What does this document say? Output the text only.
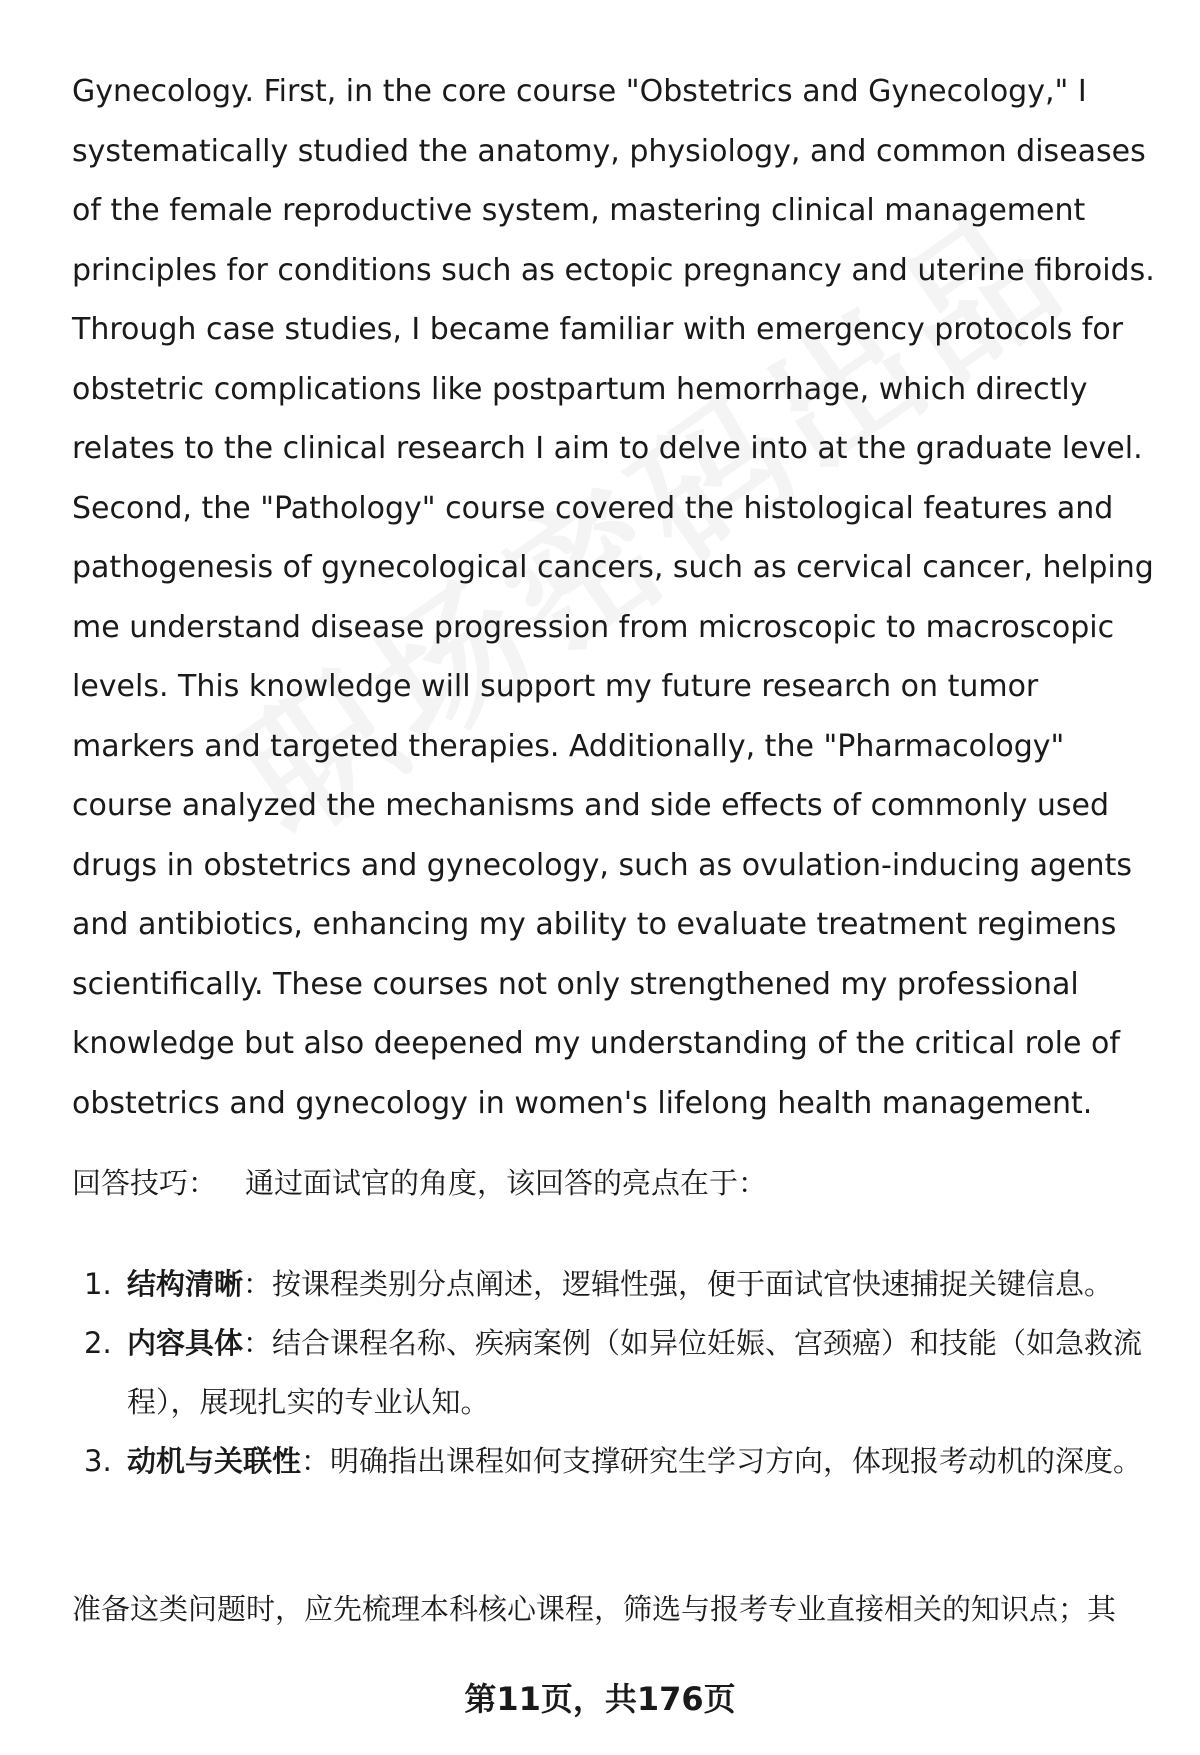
Gynecology. First, in the core course "Obstetrics and Gynecology," I systematically studied the anatomy, physiology, and common diseases of the female reproductive system, mastering clinical management principles for conditions such as ectopic pregnancy and uterine fibroids. Through case studies, I became familiar with emergency protocols for obstetric complications like postpartum hemorrhage, which directly relates to the clinical research I aim to delve into at the graduate level. Second, the "Pathology" course covered the histological features and pathogenesis of gynecological cancers, such as cervical cancer, helping me understand disease progression from microscopic to macroscopic levels. This knowledge will support my future research on tumor markers and targeted therapies. Additionally, the "Pharmacology" course analyzed the mechanisms and side effects of commonly used drugs in obstetrics and gynecology, such as ovulation-inducing agents and antibiotics, enhancing my ability to evaluate treatment regimens scientifically. These courses not only strengthened my professional knowledge but also deepened my understanding of the critical role of obstetrics and gynecology in women's lifelong health management.

回答技巧： 通过面试官的角度，该回答的亮点在于：

1. 结构清晰：按课程类别分点阐述，逻辑性强，便于面试官快速捕捉关键信息。
2. 内容具体：结合课程名称、疾病案例（如异位妊娠、宫颈癌）和技能（如急救流程），展现扎实的专业认知。
3. 动机与关联性：明确指出课程如何支撑研究生学习方向，体现报考动机的深度。

准备这类问题时，应先梳理本科核心课程，筛选与报考专业直接相关的知识点；其

第11页，共176页
